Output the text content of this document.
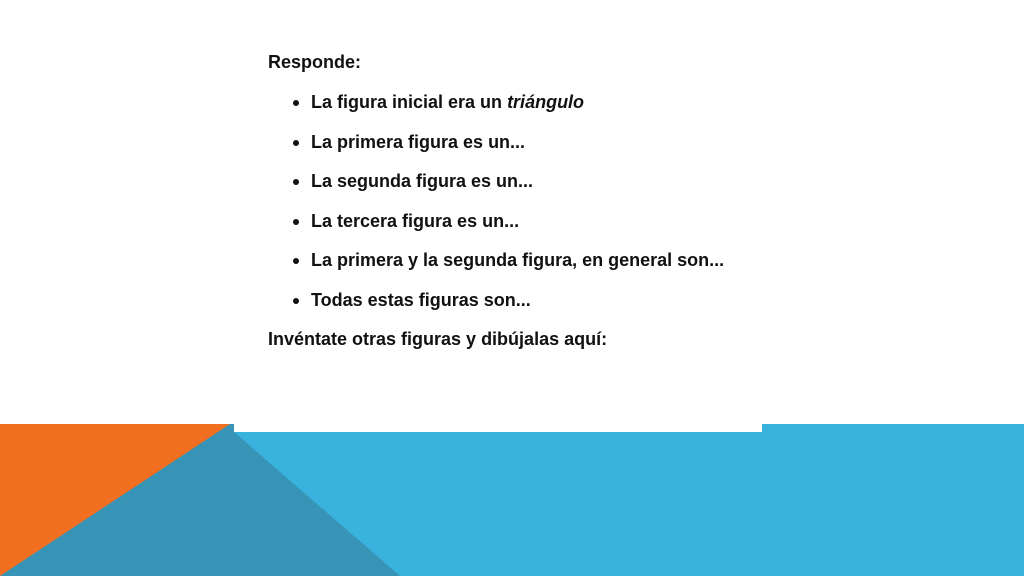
Responde:

La figura inicial era un triángulo
La primera figura es un...
La segunda figura es un...
La tercera figura es un...
La primera y la segunda figura, en general son...
Todas estas figuras son...

Invéntate otras figuras y dibújalas aquí:
